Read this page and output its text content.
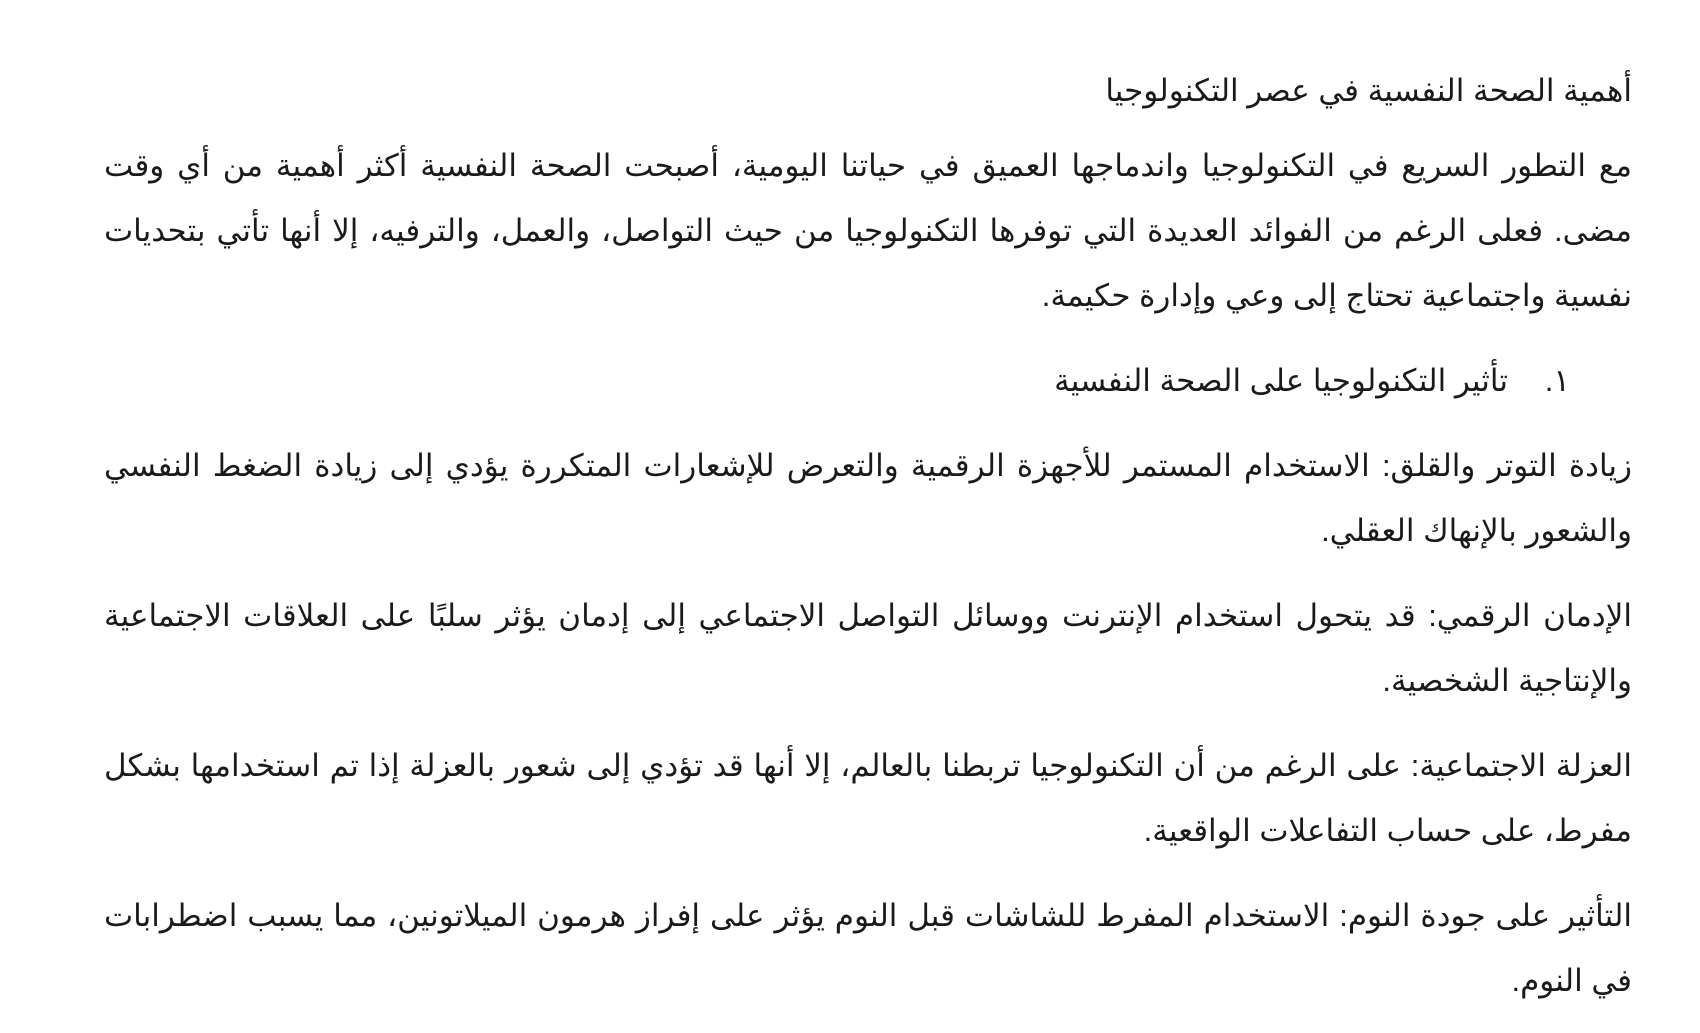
أهمية الصحة النفسية في عصر التكنولوجيا

مع التطور السريع في التكنولوجيا واندماجها العميق في حياتنا اليومية، أصبحت الصحة النفسية أكثر أهمية من أي وقت مضى. فعلى الرغم من الفوائد العديدة التي توفرها التكنولوجيا من حيث التواصل، والعمل، والترفيه، إلا أنها تأتي بتحديات نفسية واجتماعية تحتاج إلى وعي وإدارة حكيمة.

١.
تأثير التكنولوجيا على الصحة النفسية

زيادة التوتر والقلق: الاستخدام المستمر للأجهزة الرقمية والتعرض للإشعارات المتكررة يؤدي إلى زيادة الضغط النفسي والشعور بالإنهاك العقلي.

الإدمان الرقمي: قد يتحول استخدام الإنترنت ووسائل التواصل الاجتماعي إلى إدمان يؤثر سلبًا على العلاقات الاجتماعية والإنتاجية الشخصية.

العزلة الاجتماعية: على الرغم من أن التكنولوجيا تربطنا بالعالم، إلا أنها قد تؤدي إلى شعور بالعزلة إذا تم استخدامها بشكل مفرط، على حساب التفاعلات الواقعية.

التأثير على جودة النوم: الاستخدام المفرط للشاشات قبل النوم يؤثر على إفراز هرمون الميلاتونين، مما يسبب اضطرابات في النوم.
